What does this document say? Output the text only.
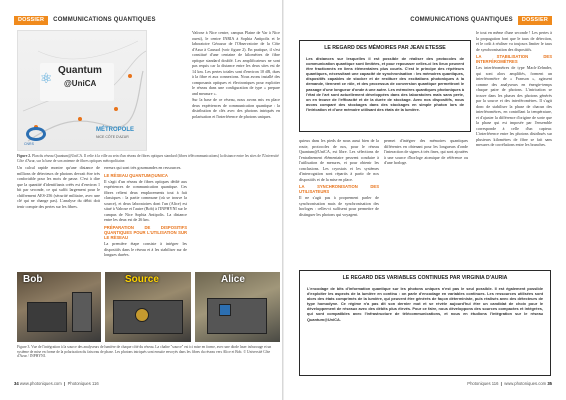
DOSSIER	COMMUNICATIONS QUANTIQUES	COMMUNICATIONS QUANTIQUES	DOSSIER
⚛
Quantum
@UniCA
CNRS
MÉTROPOLE
NICE CÔTE D'AZUR
Figure 2. Plan du réseau Quantum@UniCA. Il relie à la ville au sein d'un réseau de fibres optiques standard (fibres télécommunications) la distance entre les sites de l'Université Côte d'Azur, sur la base de son antenne de fibres optiques métropolitaine.

Un calcul rapide montre qu'une distance de millions de détecteurs de photons devrait être très confortable pour les mots de passe. C'est à dire que la quantité d'identifiants créés est d'environ 1 bit par seconde, ce qui suffit largement pour le chiffrement AES-256 (sécurité militaire, avec une clé qui ne change pas). L'analyse du débit doit tenir compte des pertes sur les fibres.

erreurs qui sont très gourmandes en ressources.

LE RÉSEAU QUANTUM@UNICA

Il s'agit d'un réseau de fibres optiques dédié aux expériences de communication quantique. Ces fibres relient deux emplacements tout à fait classiques : la partie commune (où se trouve la source), et deux laboratoires dont l'un (Alice) est situé à Valrose et l'autre (Bob) à l'INPHYNI sur le campus de Nice Sophia Antipolis. La distance entre les deux est de 26 km.

PRÉPARATION DE DISPOSITIFS QUANTIQUES POUR L'UTILISATION SUR LE RÉSEAU

La première étape consiste à intégrer les dispositifs dans le réseau et à les stabiliser sur de longues durées.

Valrose à Nice centre, campus Plaine de Var à Nice ouest), le centre INRIA à Sophia Antipolis et le laboratoire Géoazur de l'Observatoire de la Côte d'Azur à Caussol (voir figure 2). En pratique, il s'est constitué d'une centaine de kilomètres de fibre optique standard doublé. Les amplificateurs ne sont pas requis car la distance entre les deux sites est de 14 km. Les pertes totales sont d'environ 10 dB, dues à la fibre et aux connexions. Nous avons installé des composants optiques et électroniques pour exploiter le réseau dans une configuration de type « prepare and measure ».

Sur la base de ce réseau, nous avons mis en place deux expériences de communication quantique : la distribution de clés avec des photons intriqués en polarisation et l'interférence de photons uniques.

Bob	Source	Alice
Figure 3. Vue de l'intégration à la source des analyseurs de lumière de chaque côté du réseau. La chaîne "source" est ici mise en forme, avec une diode laser infrarouge et un système de mise en forme de la polarisation du faisceau de phase. Les photons intriqués sont ensuite envoyés dans les fibres du réseau vers Alice et Bob. © Université Côte d'Azur / INPHYNI.
LE REGARD DES MÉMOIRES PAR JEAN ETESSE
Les distances sur lesquelles il est possible de réaliser des protocoles de communication quantique sont limitées, et pour repousser celles-ci les lieux peuvent être fractionnés en liens élémentaires plus courts. C'est le principe des répéteurs quantiques, nécessitant une capacité de synchronisation : les mémoires quantiques, dispositifs capables de stocker et de restituer des excitations photoniques à la demande, tiennent ce rôle, et des processus de conversion quantique permettront le passage d'une longueur d'onde à une autre. Les mémoires quantiques photoniques à l'état de l'art sont actuellement développées dans des laboratoires mais sans perte, on en trouve de l'efficacité et de la durée de stockage. Avec nos dispositifs, nous avons comparé des stockages dans des stockages en simple photon lors de l'intrication et d'une mémoire utilisant des états de la lumière.

quieux dans les pieds de nous aussi bien de la route, protocoles de nos, pour le réseau Quantum@UniCA, est libre. Les sélections de l'entraînement élémentaire peuvent conduire à l'utilisation de mesures, et pour obtenir les conclusions. Les cryostats et les systèmes d'interrogation sont répartis à partir de nos dispositifs et de la mise en place.

LA SYNCHRONISATION DES UTILISATEURS

Il ne s'agit pas à proprement parler de synchronisation mais de synchronisation des horloges : celles-ci suffisent pour permettre de distinguer les photons qui voyagent.

permet d'intégrer des mémoires quantiques différentes en obtenant pour les longueurs d'onde l'interaction de signes à très fines, qui sont ajoutées à une source d'horloge atomique de référence ou d'une horloge.

le tout en même d'une seconde ! Les pertes à la propagation font que le taux de détection, et le coût à réaliser va toujours limiter le taux de synchronisation des dispositifs.

LA STABILISATION DES INTERFÉROMÈTRES

Les interféromètres de type Mach-Zehnder, qui sont alors amplifiés, forment un interféromètre de « Franson », agissent comme des analyseurs en énergie-temps chaque paire de photons. L'intrication se trouve dans les phases des photons générés par la source et des interféromètres. Il s'agit donc de stabiliser la phase de chacun des interféromètres, en contrôlant la température, et d'ajuster la différence d'origine de sorte que la phase qui est imposée par l'ensemble corresponde à celle d'un capteur. L'interférence entre les photons distribués sur plusieurs kilomètres de fibre se fait sans mesures de corrélations entre les branches.

LE REGARD DES VARIABLES CONTINUES PAR VIRGINIA D'AURIA
L'encodage de bits d'information quantique sur les photons uniques n'est pas le seul possible. Il est également possible d'exploiter les aspects de la lumière en continu : on parle d'encodage en variables continues. Les ressources utilisées sont alors des états comprimés de la lumière, qui peuvent être générés de façon déterministe, puis réalisés avec des détecteurs de type homodyne. Ce régime n'a pas dit son dernier mot et se révèle aujourd'hui être un candidat de choix pour le développement de réseaux avec des débits plus élevés. Pour ce faire, nous développons des sources compactes et intégrées, qui sont compatibles avec l'infrastructure de télécommunications, et nous en étudions l'intégration sur le réseau Quantum@UniCA.
34 www.photoniques.com ❙ Photoniques 116	Photoniques 116 ❙ www.photoniques.com 35
